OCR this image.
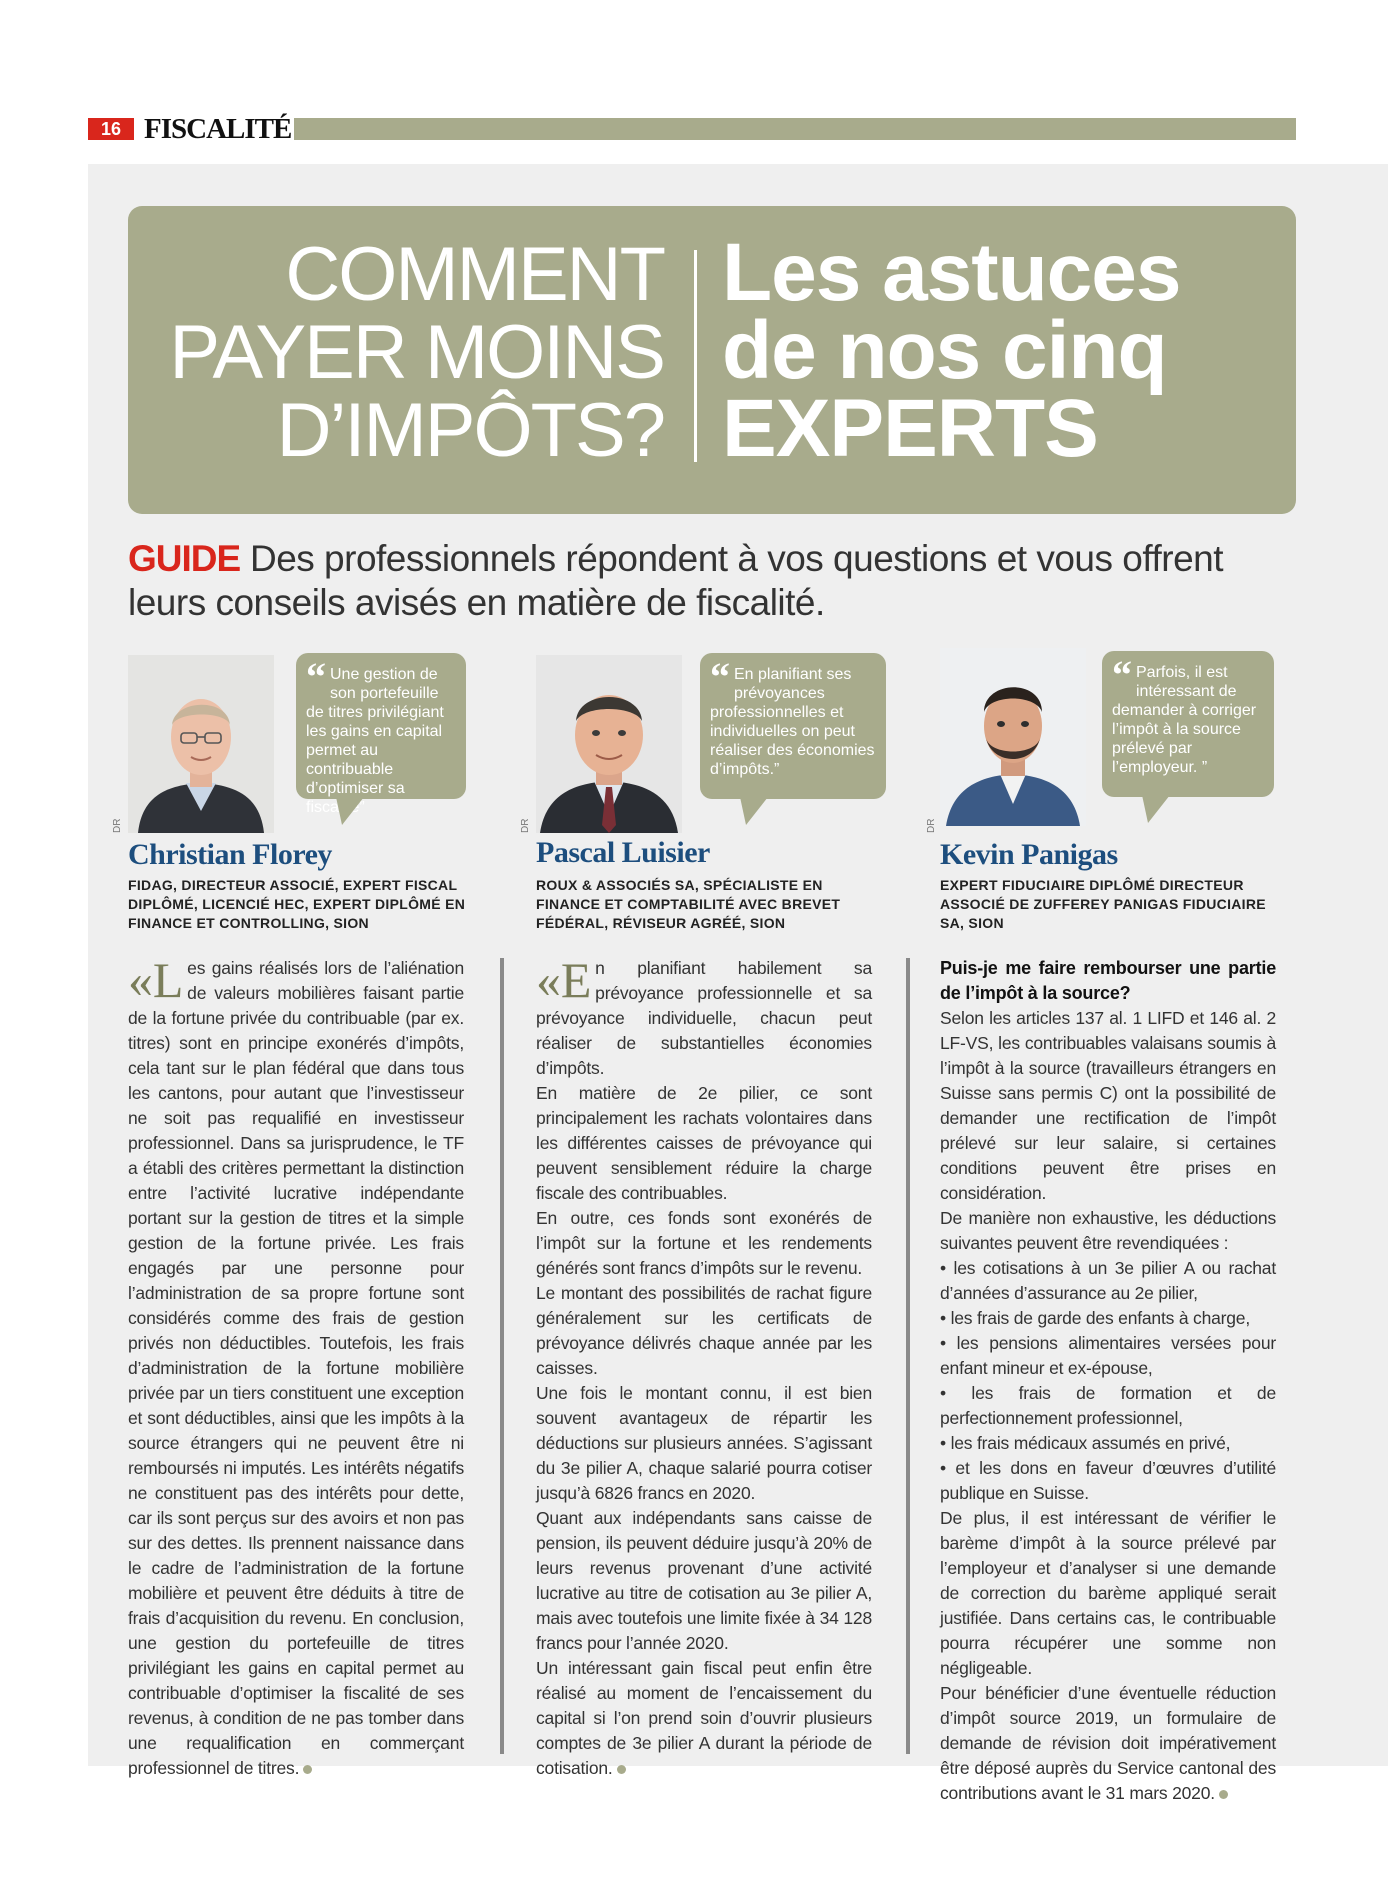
16 FISCALITÉ
COMMENT
PAYER MOINS
D’IMPÔTS?
Les astuces
de nos cinq
EXPERTS
GUIDE Des professionnels répondent à vos questions et vous offrent leurs conseils avisés en matière de fiscalité.
DR
“ Une gestion de son portefeuille de titres privilégiant les gains en capital permet au contribuable d’optimiser sa fiscalité”
Christian Florey
FIDAG, DIRECTEUR ASSOCIÉ, EXPERT FISCAL DIPLÔMÉ, LICENCIÉ HEC, EXPERT DIPLÔMÉ EN FINANCE ET CONTROLLING, SION
«L es gains réalisés lors de l’aliénation de valeurs mobilières faisant partie de la fortune privée du contribuable (par ex. titres) sont en principe exonérés d’impôts, cela tant sur le plan fédéral que dans tous les cantons, pour autant que l’investisseur ne soit pas requalifié en investisseur professionnel. Dans sa jurisprudence, le TF a établi des critères permettant la distinction entre l’activité lucrative indépendante portant sur la gestion de titres et la simple gestion de la fortune privée. Les frais engagés par une personne pour l’administration de sa propre fortune sont considérés comme des frais de gestion privés non déductibles. Toutefois, les frais d’administration de la fortune mobilière privée par un tiers constituent une exception et sont déductibles, ainsi que les impôts à la source étrangers qui ne peuvent être ni remboursés ni imputés. Les intérêts négatifs ne constituent pas des intérêts pour dette, car ils sont perçus sur des avoirs et non pas sur des dettes. Ils prennent naissance dans le cadre de l’administration de la fortune mobilière et peuvent être déduits à titre de frais d’acquisition du revenu. En conclusion, une gestion du portefeuille de titres privilégiant les gains en capital permet au contribuable d’optimiser la fiscalité de ses revenus, à condition de ne pas tomber dans une requalification en commerçant professionnel de titres.
DR
“ En planifiant ses prévoyances professionnelles et individuelles on peut réaliser des économies d’impôts.”
Pascal Luisier
ROUX & ASSOCIÉS SA, SPÉCIALISTE EN FINANCE ET COMPTABILITÉ AVEC BREVET FÉDÉRAL, RÉVISEUR AGRÉÉ, SION

«E n planifiant habilement sa prévoyance professionnelle et sa prévoyance individuelle, chacun peut réaliser de substantielles économies d’impôts.

En matière de 2e pilier, ce sont principalement les rachats volontaires dans les différentes caisses de prévoyance qui peuvent sensiblement réduire la charge fiscale des contribuables.

En outre, ces fonds sont exonérés de l’impôt sur la fortune et les rendements générés sont francs d’impôts sur le revenu.

Le montant des possibilités de rachat figure généralement sur les certificats de prévoyance délivrés chaque année par les caisses.

Une fois le montant connu, il est bien souvent avantageux de répartir les déductions sur plusieurs années. S’agissant du 3e pilier A, chaque salarié pourra cotiser jusqu’à 6826 francs en 2020.

Quant aux indépendants sans caisse de pension, ils peuvent déduire jusqu’à 20% de leurs revenus provenant d’une activité lucrative au titre de cotisation au 3e pilier A, mais avec toutefois une limite fixée à 34 128 francs pour l’année 2020.

Un intéressant gain fiscal peut enfin être réalisé au moment de l’encaissement du capital si l’on prend soin d’ouvrir plusieurs comptes de 3e pilier A durant la période de cotisation.

DR
“ Parfois, il est intéressant de demander à corriger l’impôt à la source prélevé par l’employeur. ”
Kevin Panigas
EXPERT FIDUCIAIRE DIPLÔMÉ DIRECTEUR ASSOCIÉ DE ZUFFEREY PANIGAS FIDUCIAIRE SA, SION

Puis-je me faire rembourser une partie de l’impôt à la source?

Selon les articles 137 al. 1 LIFD et 146 al. 2 LF-VS, les contribuables valaisans soumis à l’impôt à la source (travailleurs étrangers en Suisse sans permis C) ont la possibilité de demander une rectification de l’impôt prélevé sur leur salaire, si certaines conditions peuvent être prises en considération.

De manière non exhaustive, les déductions suivantes peuvent être revendiquées :

• les cotisations à un 3e pilier A ou rachat d’années d’assurance au 2e pilier,

• les frais de garde des enfants à charge,

• les pensions alimentaires versées pour enfant mineur et ex-épouse,

• les frais de formation et de perfectionnement professionnel,

• les frais médicaux assumés en privé,

• et les dons en faveur d’œuvres d’utilité publique en Suisse.

De plus, il est intéressant de vérifier le barème d’impôt à la source prélevé par l’employeur et d’analyser si une demande de correction du barème appliqué serait justifiée. Dans certains cas, le contribuable pourra récupérer une somme non négligeable.

Pour bénéficier d’une éventuelle réduction d’impôt source 2019, un formulaire de demande de révision doit impérativement être déposé auprès du Service cantonal des contributions avant le 31 mars 2020.
